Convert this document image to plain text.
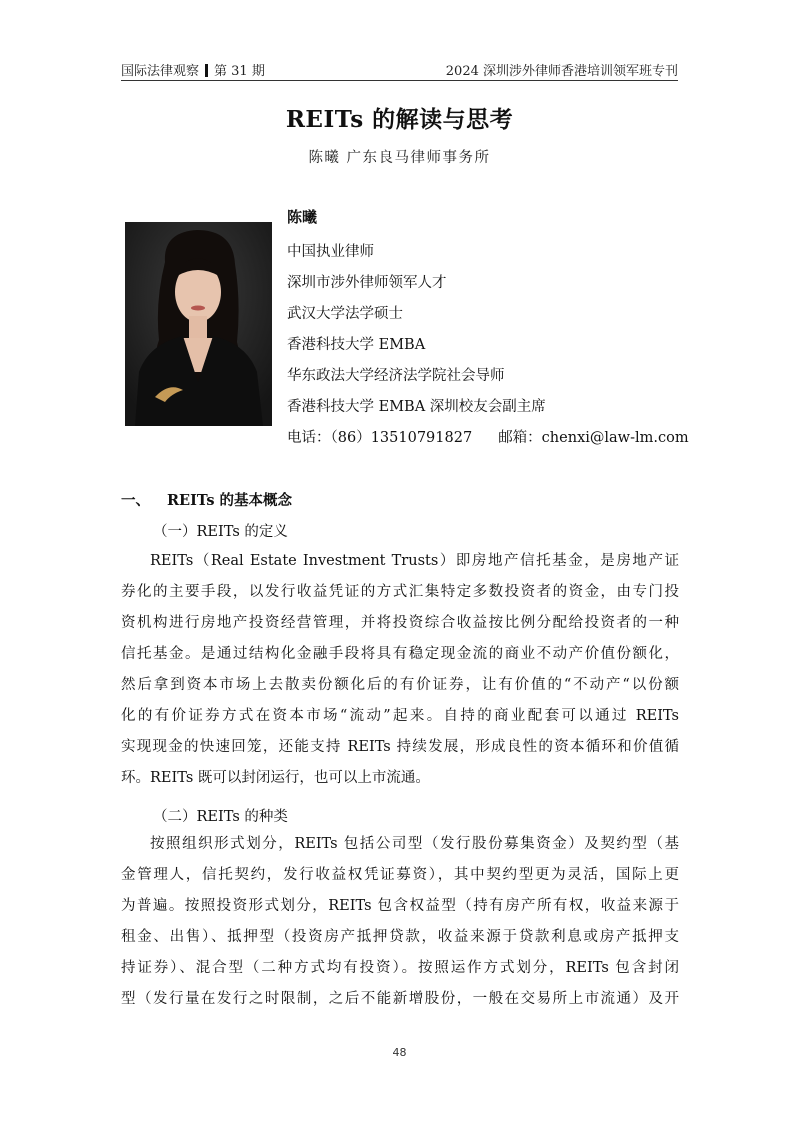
国际法律观察 第 31 期	2024 深圳涉外律师香港培训领军班专刊
REITs 的解读与思考
陈曦 广东良马律师事务所
陈曦
中国执业律师
深圳市涉外律师领军人才
武汉大学法学硕士
香港科技大学 EMBA
华东政法大学经济法学院社会导师
香港科技大学 EMBA 深圳校友会副主席
电话：（86）13510791827 邮箱：chenxi@law-lm.com
一、 REITs 的基本概念
（一）REITs 的定义
REITs（Real Estate Investment Trusts）即房地产信托基金，是房地产证
券化的主要手段，以发行收益凭证的方式汇集特定多数投资者的资金，由专门投
资机构进行房地产投资经营管理，并将投资综合收益按比例分配给投资者的一种
信托基金。是通过结构化金融手段将具有稳定现金流的商业不动产价值份额化，
然后拿到资本市场上去散卖份额化后的有价证券，让有价值的“不动产“以份额
化的有价证券方式在资本市场“流动”起来。自持的商业配套可以通过 REITs
实现现金的快速回笼，还能支持 REITs 持续发展，形成良性的资本循环和价值循
环。REITs 既可以封闭运行，也可以上市流通。
（二）REITs 的种类
按照组织形式划分，REITs 包括公司型（发行股份募集资金）及契约型（基
金管理人，信托契约，发行收益权凭证募资），其中契约型更为灵活，国际上更
为普遍。按照投资形式划分，REITs 包含权益型（持有房产所有权，收益来源于
租金、出售）、抵押型（投资房产抵押贷款，收益来源于贷款利息或房产抵押支
持证券）、混合型（二种方式均有投资）。按照运作方式划分，REITs 包含封闭
型（发行量在发行之时限制，之后不能新增股份，一般在交易所上市流通）及开
48
